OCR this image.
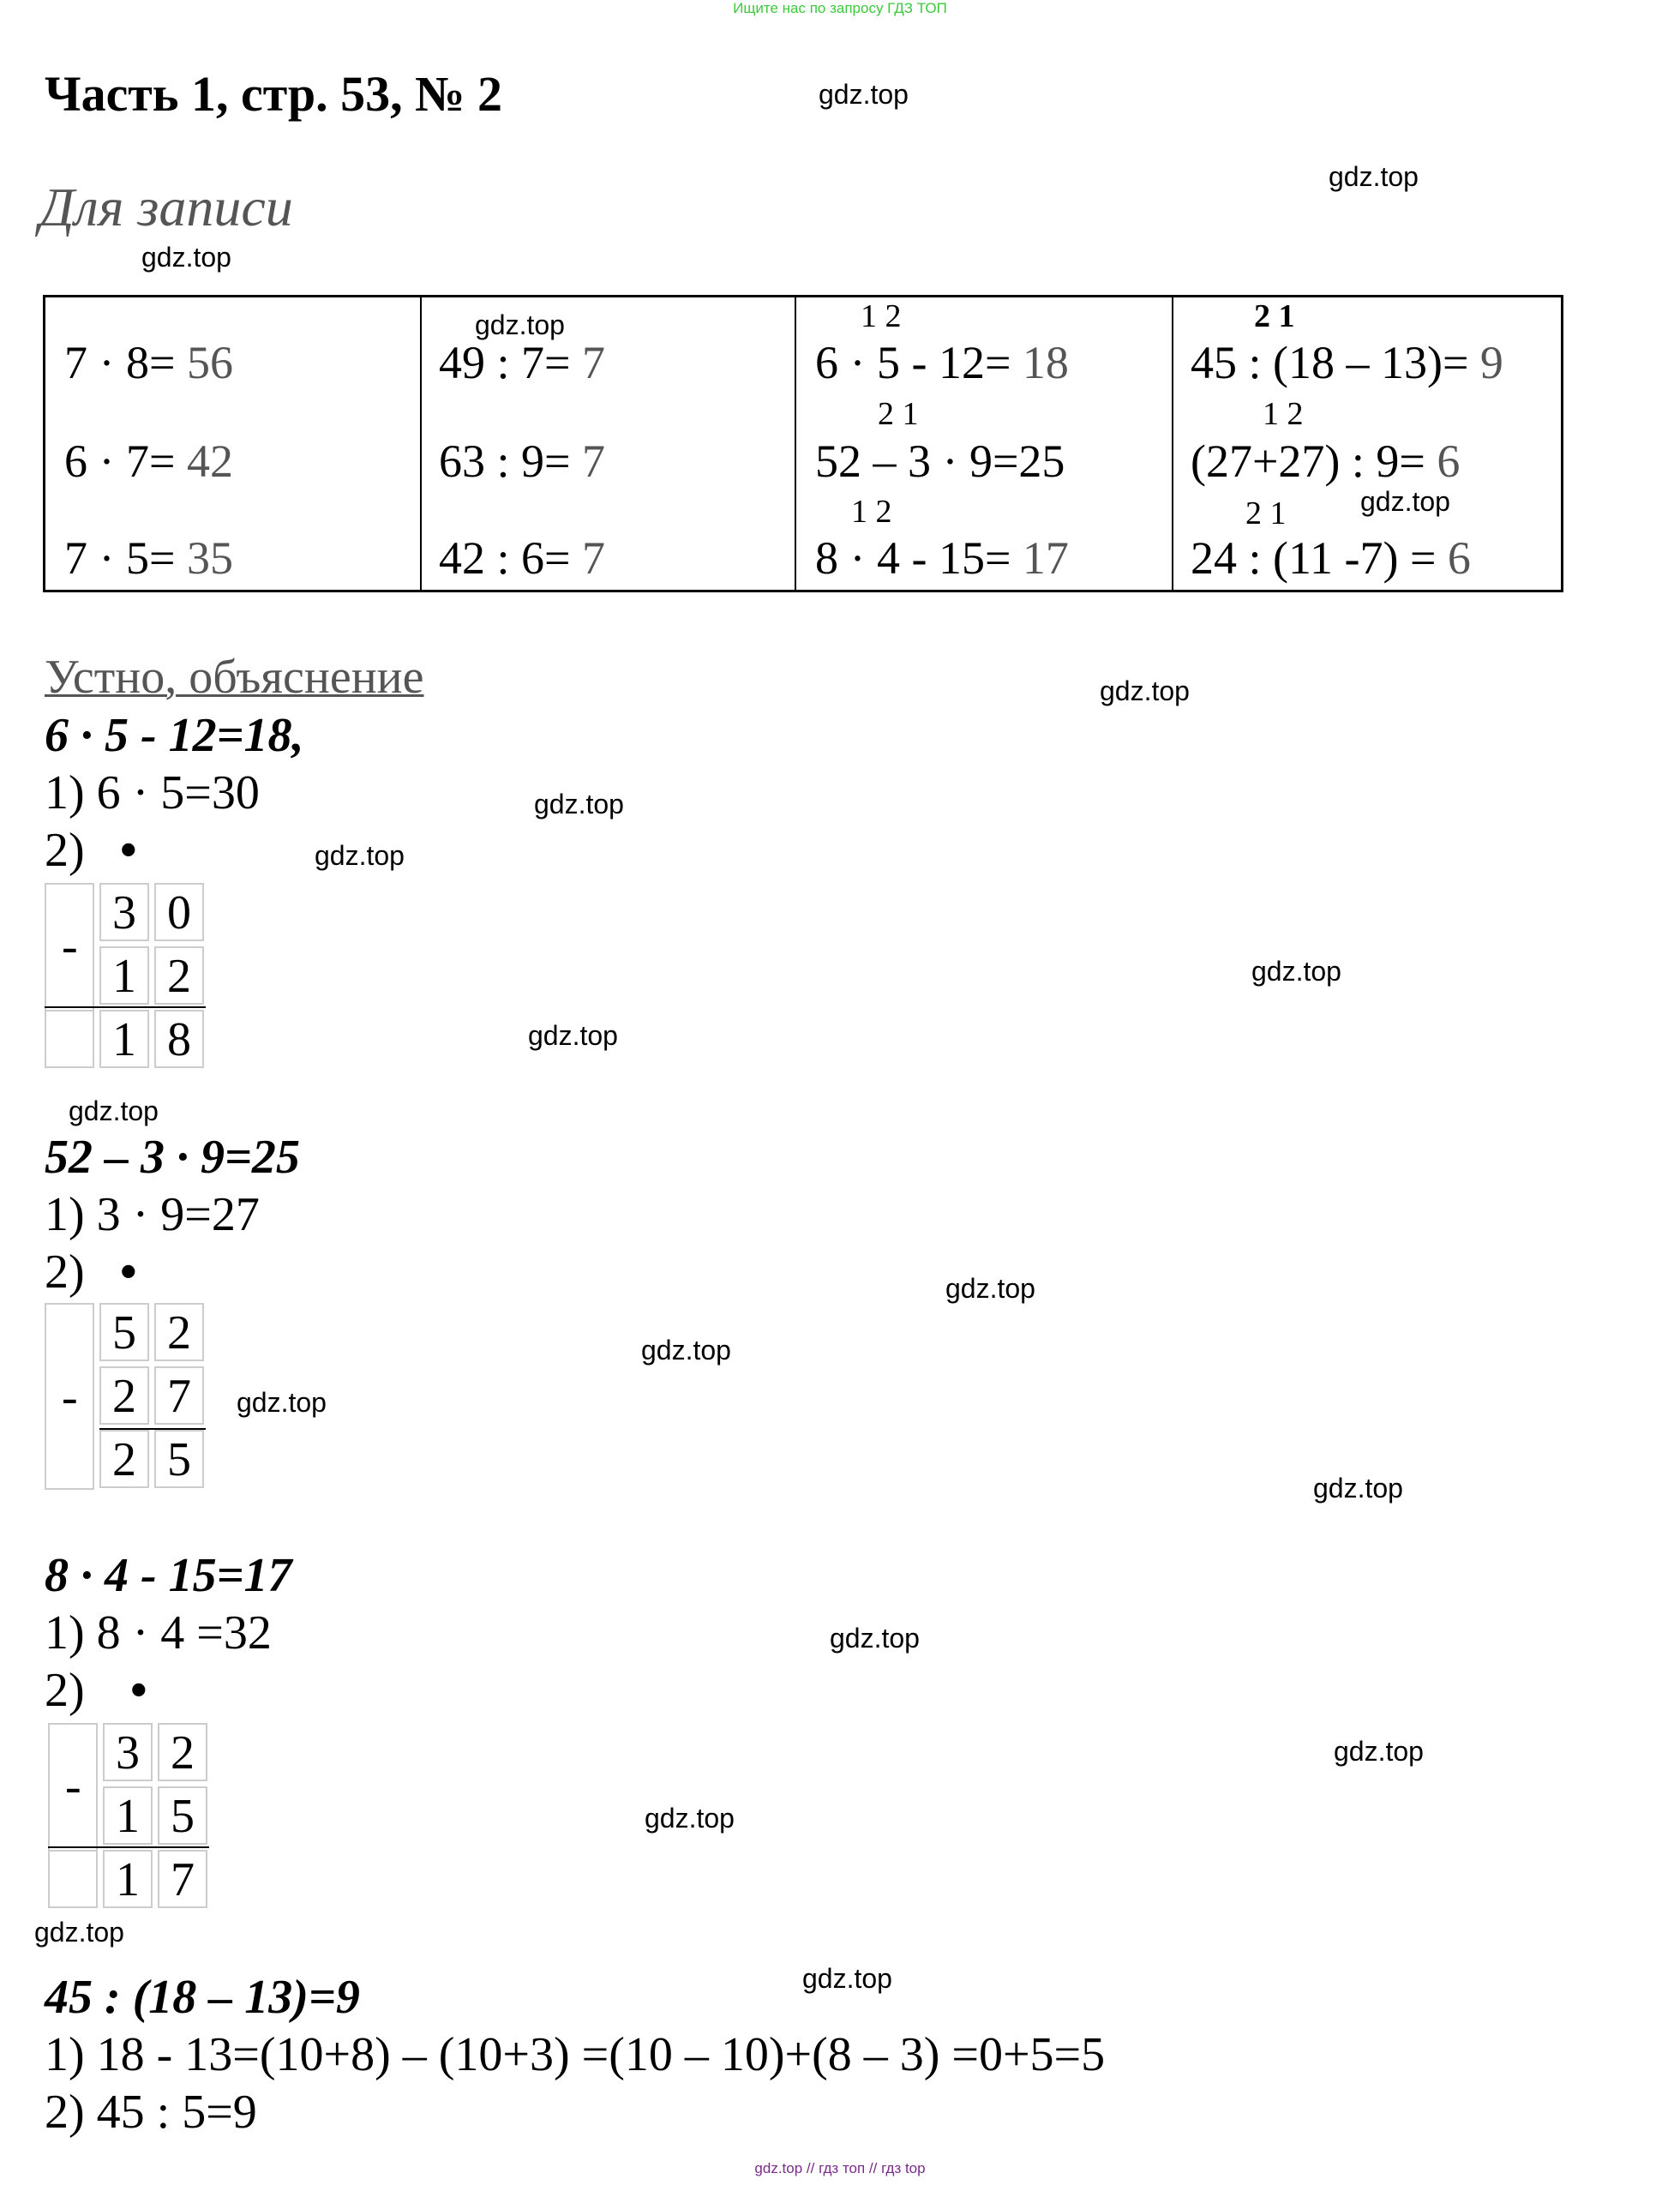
Ищите нас по запросу ГДЗ ТОП
Часть 1, стр. 53, № 2
Для записи
gdz.top
gdz.top
gdz.top
7 · 8= 56
6 · 7= 42
7 · 5= 35
gdz.top
49 : 7= 7
63 : 9= 7
42 : 6= 7
1 2
6 · 5 - 12= 18
2 1
52 – 3 · 9=25
1 2
8 · 4 - 15= 17
2 1
45 : (18 – 13)= 9
1 2
(27+27) : 9= 6
gdz.top
2 1
24 : (11 -7) = 6
Устно, объяснение	gdz.top
gdz.top
gdz.top
gdz.top
gdz.top
gdz.top
gdz.top
gdz.top
gdz.top
gdz.top
gdz.top
gdz.top
gdz.top
gdz.top
gdz.top
6 · 5 - 12=18,
1) 6 · 5=30
2) •
-
3 0
1 2
1 8
52 – 3 · 9=25
1) 3 · 9=27
2) •
-
5 2
2 7
2 5
8 · 4 - 15=17
1) 8 · 4 =32
2) •
-
3 2
1 5
1 7
45 : (18 – 13)=9
1) 18 - 13=(10+8) – (10+3) =(10 – 10)+(8 – 3) =0+5=5
2) 45 : 5=9
gdz.top // гдз топ // гдз top
